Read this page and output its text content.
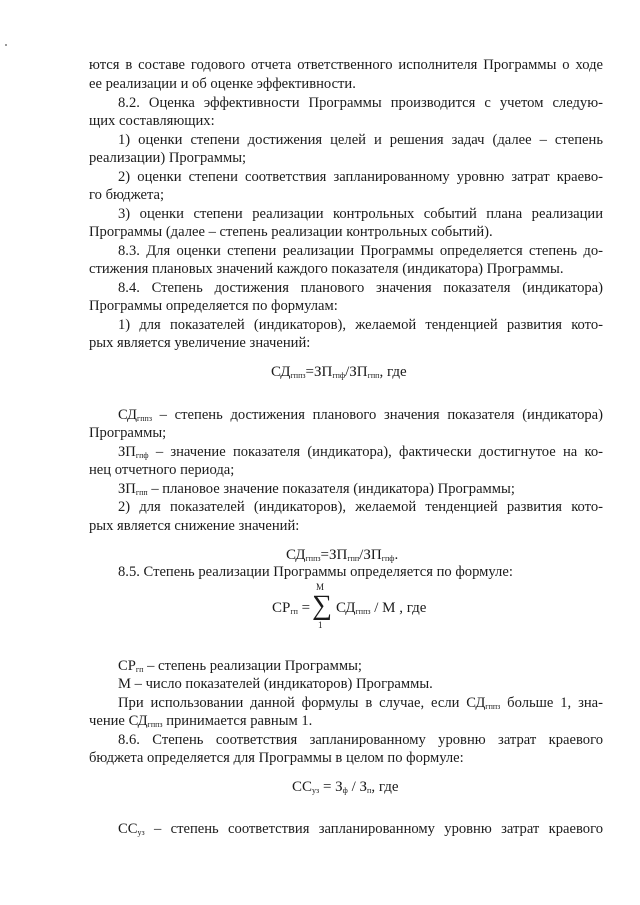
ются в составе годового отчета ответственного исполнителя Программы о ходе
ее реализации и об оценке эффективности.
8.2. Оценка эффективности Программы производится с учетом следую-
щих составляющих:
1) оценки степени достижения целей и решения задач (далее – степень
реализации) Программы;
2) оценки степени соответствия запланированному уровню затрат краево-
го бюджета;
3) оценки степени реализации контрольных событий плана реализации
Программы (далее – степень реализации контрольных событий).
8.3. Для оценки степени реализации Программы определяется степень до-
стижения плановых значений каждого показателя (индикатора) Программы.
8.4. Степень достижения планового значения показателя (индикатора)
Программы определяется по формулам:
1) для показателей (индикаторов), желаемой тенденцией развития кото-
рых является увеличение значений:
$СД_{гппз}=ЗП_{гпф}/ЗП_{гпп}$, где
$СД_{гппз}$ – степень достижения планового значения показателя (индикатора)
Программы;
$ЗП_{гпф}$ – значение показателя (индикатора), фактически достигнутое на ко-
нец отчетного периода;
$ЗП_{гпп}$ – плановое значение показателя (индикатора) Программы;
2) для показателей (индикаторов), желаемой тенденцией развития кото-
рых является снижение значений:
$СД_{гппз}=ЗП_{гпп}/ЗП_{гпф}$.
8.5. Степень реализации Программы определяется по формуле:
$СР_{гп}$ =
M
∑
1
$СД_{гппз}$ / М , где
$СР_{гп}$ – степень реализации Программы;
М – число показателей (индикаторов) Программы.
При использовании данной формулы в случае, если $СД_{гппз}$ больше 1, зна-
чение $СД_{гппз}$ принимается равным 1.
8.6. Степень соответствия запланированному уровню затрат краевого
бюджета определяется для Программы в целом по формуле:
$СС_{уз} = З_ф / З_п$, где
$СС_{уз}$ – степень соответствия запланированному уровню затрат краевого
